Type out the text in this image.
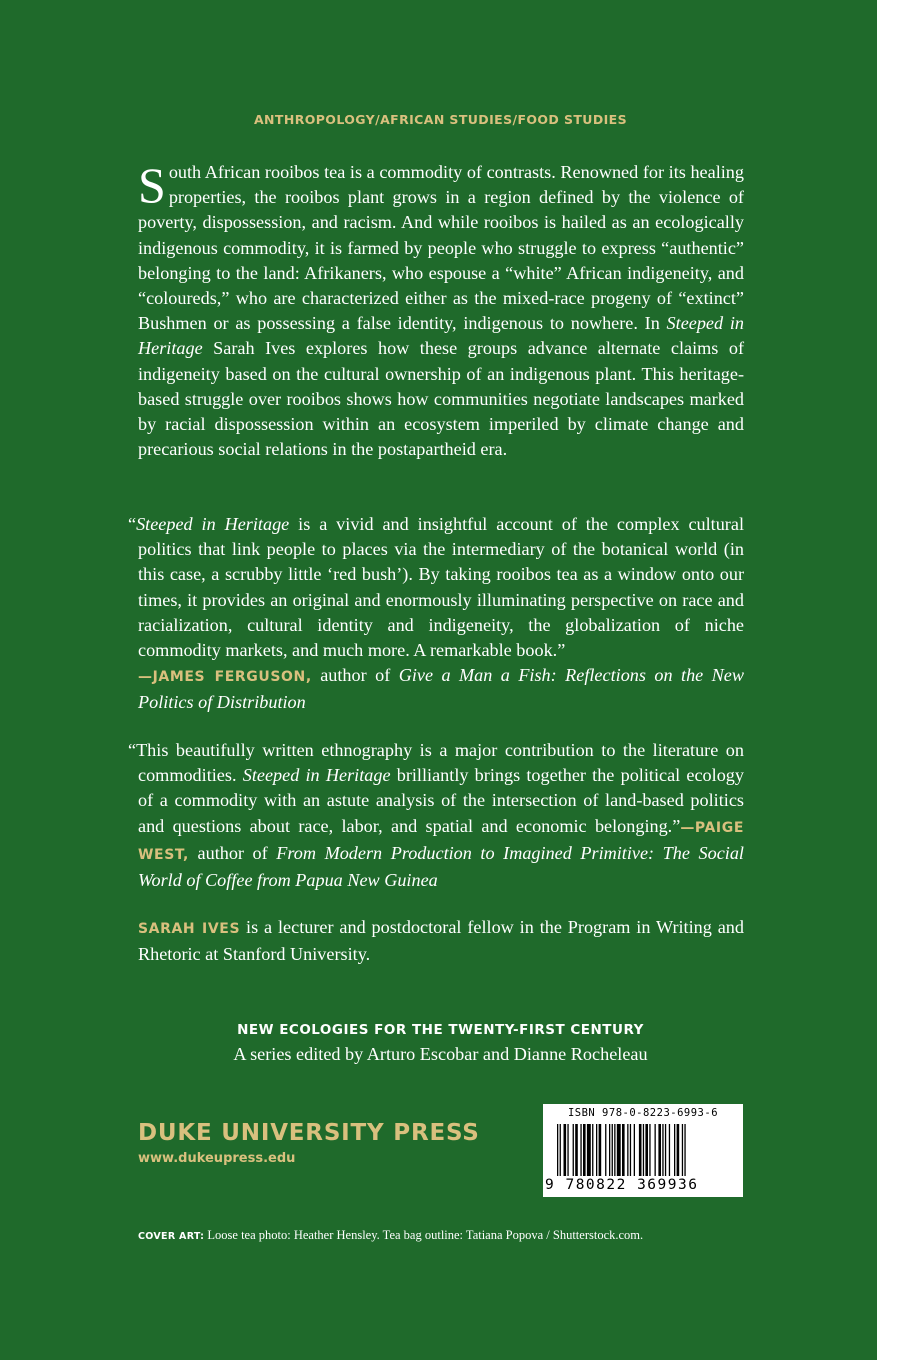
ANTHROPOLOGY/AFRICAN STUDIES/FOOD STUDIES

South African rooibos tea is a commodity of contrasts. Renowned for its healing properties, the rooibos plant grows in a region defined by the violence of poverty, dispossession, and racism. And while rooibos is hailed as an ecologically indigenous commodity, it is farmed by people who struggle to express “authentic” belonging to the land: Afrikaners, who espouse a “white” African indigeneity, and “coloureds,” who are characterized either as the mixed-race progeny of “extinct” Bushmen or as possessing a false identity, indigenous to nowhere. In Steeped in Heritage Sarah Ives explores how these groups advance alternate claims of indigeneity based on the cultural ownership of an indigenous plant. This heritage-based struggle over rooibos shows how communities negotiate landscapes marked by racial dispossession within an ecosystem imperiled by climate change and precarious social relations in the postapartheid era.

“Steeped in Heritage is a vivid and insightful account of the complex cultural politics that link people to places via the intermediary of the botanical world (in this case, a scrubby little ‘red bush’). By taking rooibos tea as a window onto our times, it provides an original and enormously illuminating perspective on race and racialization, cultural identity and indigeneity, the globalization of niche commodity markets, and much more. A remarkable book.”
—JAMES FERGUSON, author of Give a Man a Fish: Reflections on the New Politics of Distribution

“This beautifully written ethnography is a major contribution to the literature on commodities. Steeped in Heritage brilliantly brings together the political ecology of a commodity with an astute analysis of the intersection of land-based politics and questions about race, labor, and spatial and economic belonging.”—PAIGE WEST, author of From Modern Production to Imagined Primitive: The Social World of Coffee from Papua New Guinea

SARAH IVES is a lecturer and postdoctoral fellow in the Program in Writing and Rhetoric at Stanford University.

NEW ECOLOGIES FOR THE TWENTY-FIRST CENTURY
A series edited by Arturo Escobar and Dianne Rocheleau
DUKE UNIVERSITY PRESS
www.dukeupress.edu
ISBN 978-0-8223-6993-6
9 780822 369936
COVER ART: Loose tea photo: Heather Hensley. Tea bag outline: Tatiana Popova / Shutterstock.com.
